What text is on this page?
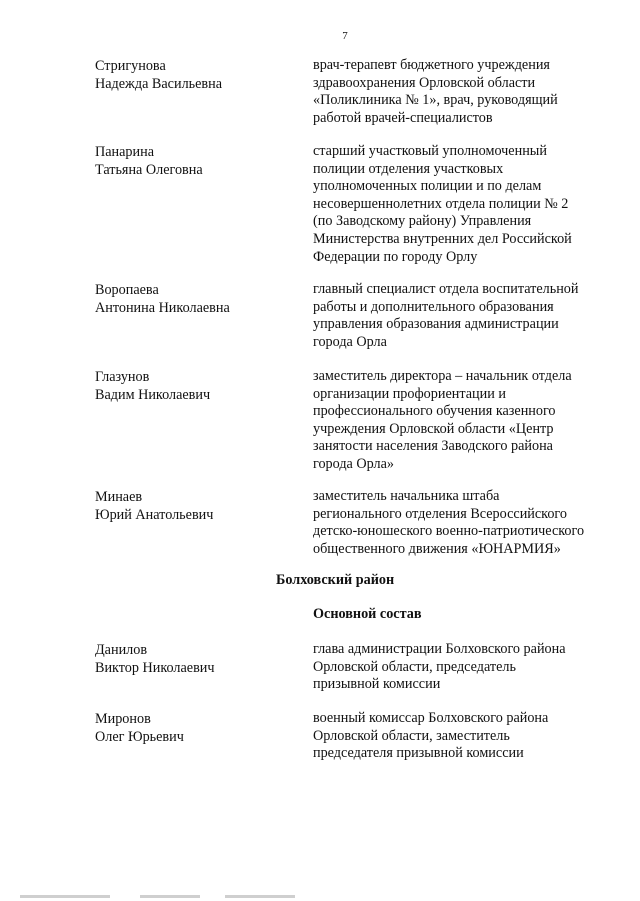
7
Стригунова
Надежда Васильевна
врач-терапевт бюджетного учреждения
здравоохранения Орловской области
«Поликлиника № 1», врач, руководящий
работой врачей-специалистов
Панарина
Татьяна Олеговна
старший участковый уполномоченный
полиции отделения участковых
уполномоченных полиции и по делам
несовершеннолетних отдела полиции № 2
(по Заводскому району) Управления
Министерства внутренних дел Российской
Федерации по городу Орлу
Воропаева
Антонина Николаевна
главный специалист отдела воспитательной
работы и дополнительного образования
управления образования администрации
города Орла
Глазунов
Вадим Николаевич
заместитель директора – начальник отдела
организации профориентации и
профессионального обучения казенного
учреждения Орловской области «Центр
занятости населения Заводского района
города Орла»
Минаев
Юрий Анатольевич
заместитель начальника штаба
регионального отделения Всероссийского
детско-юношеского военно-патриотического
общественного движения «ЮНАРМИЯ»
Болховский район
Основной состав
Данилов
Виктор Николаевич
глава администрации Болховского района
Орловской области, председатель
призывной комиссии
Миронов
Олег Юрьевич
военный комиссар Болховского района
Орловской области, заместитель
председателя призывной комиссии
